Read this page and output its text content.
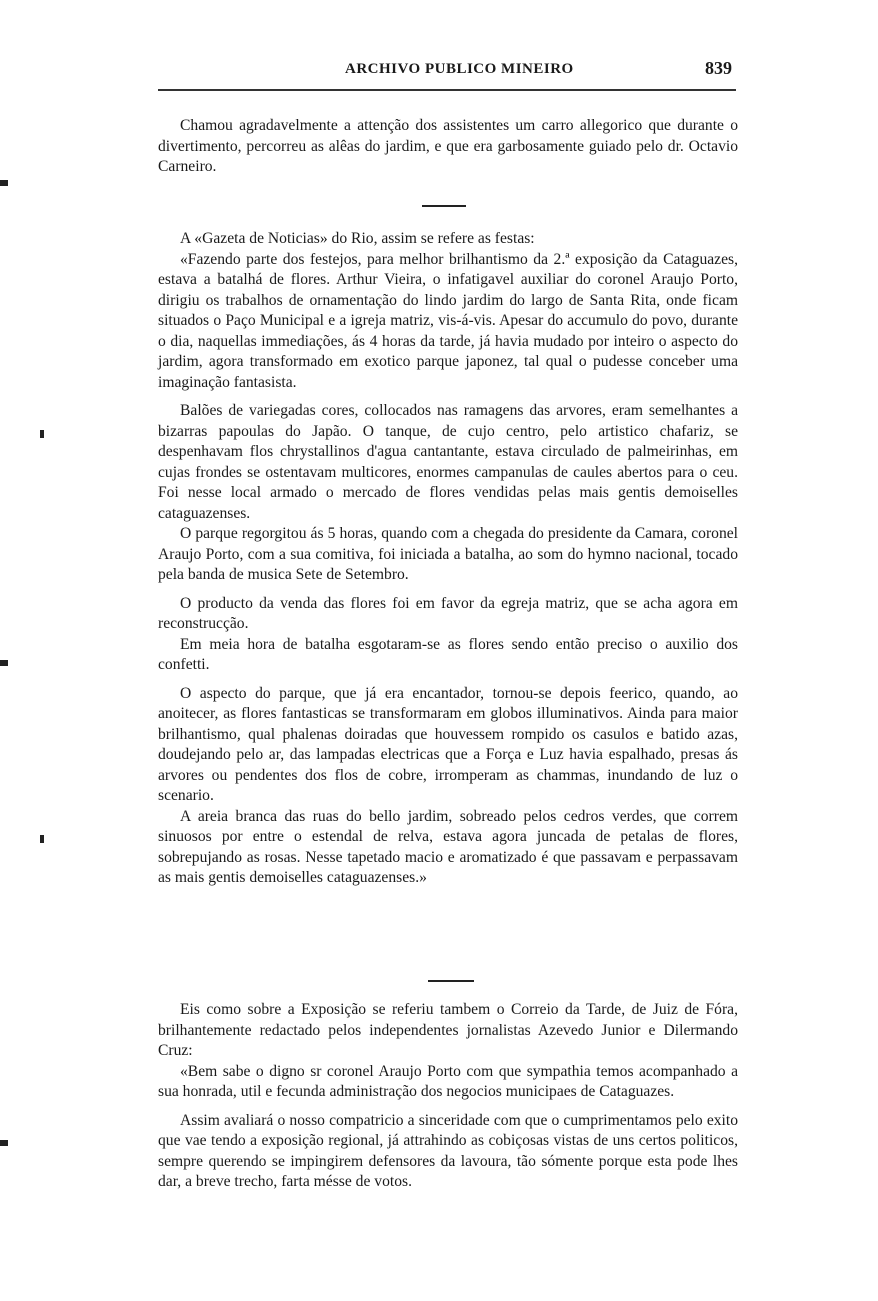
ARCHIVO PUBLICO MINEIRO	839

Chamou agradavelmente a attenção dos assistentes um carro allegorico que durante o divertimento, percorreu as alêas do jardim, e que era garbosamente guiado pelo dr. Octavio Carneiro.

A «Gazeta de Noticias» do Rio, assim se refere as festas:

«Fazendo parte dos festejos, para melhor brilhantismo da 2.ª exposição da Cataguazes, estava a batalhá de flores. Arthur Vieira, o infatigavel auxiliar do coronel Araujo Porto, dirigiu os trabalhos de ornamentação do lindo jardim do largo de Santa Rita, onde ficam situados o Paço Municipal e a igreja matriz, vis-á-vis. Apesar do accumulo do povo, durante o dia, naquellas immediações, ás 4 horas da tarde, já havia mudado por inteiro o aspecto do jardim, agora transformado em exotico parque japonez, tal qual o pudesse conceber uma imaginação fantasista.

Balões de variegadas cores, collocados nas ramagens das arvores, eram semelhantes a bizarras papoulas do Japão. O tanque, de cujo centro, pelo artistico chafariz, se despenhavam flos chrystallinos d'agua cantantante, estava circulado de palmeirinhas, em cujas frondes se ostentavam multicores, enormes campanulas de caules abertos para o ceu. Foi nesse local armado o mercado de flores vendidas pelas mais gentis demoiselles cataguazenses.

O parque regorgitou ás 5 horas, quando com a chegada do presidente da Camara, coronel Araujo Porto, com a sua comitiva, foi iniciada a batalha, ao som do hymno nacional, tocado pela banda de musica Sete de Setembro.

O producto da venda das flores foi em favor da egreja matriz, que se acha agora em reconstrucção.

Em meia hora de batalha esgotaram-se as flores sendo então preciso o auxilio dos confetti.

O aspecto do parque, que já era encantador, tornou-se depois feerico, quando, ao anoitecer, as flores fantasticas se transformaram em globos illuminativos. Ainda para maior brilhantismo, qual phalenas doiradas que houvessem rompido os casulos e batido azas, doudejando pelo ar, das lampadas electricas que a Força e Luz havia espalhado, presas ás arvores ou pendentes dos flos de cobre, irromperam as chammas, inundando de luz o scenario.

A areia branca das ruas do bello jardim, sobreado pelos cedros verdes, que correm sinuosos por entre o estendal de relva, estava agora juncada de petalas de flores, sobrepujando as rosas. Nesse tapetado macio e aromatizado é que passavam e perpassavam as mais gentis demoiselles cataguazenses.»

Eis como sobre a Exposição se referiu tambem o Correio da Tarde, de Juiz de Fóra, brilhantemente redactado pelos independentes jornalistas Azevedo Junior e Dilermando Cruz:

«Bem sabe o digno sr coronel Araujo Porto com que sympathia temos acompanhado a sua honrada, util e fecunda administração dos negocios municipaes de Cataguazes.

Assim avaliará o nosso compatricio a sinceridade com que o cumprimentamos pelo exito que vae tendo a exposição regional, já attrahindo as cobiçosas vistas de uns certos politicos, sempre querendo se impingirem defensores da lavoura, tão sómente porque esta pode lhes dar, a breve trecho, farta mésse de votos.
